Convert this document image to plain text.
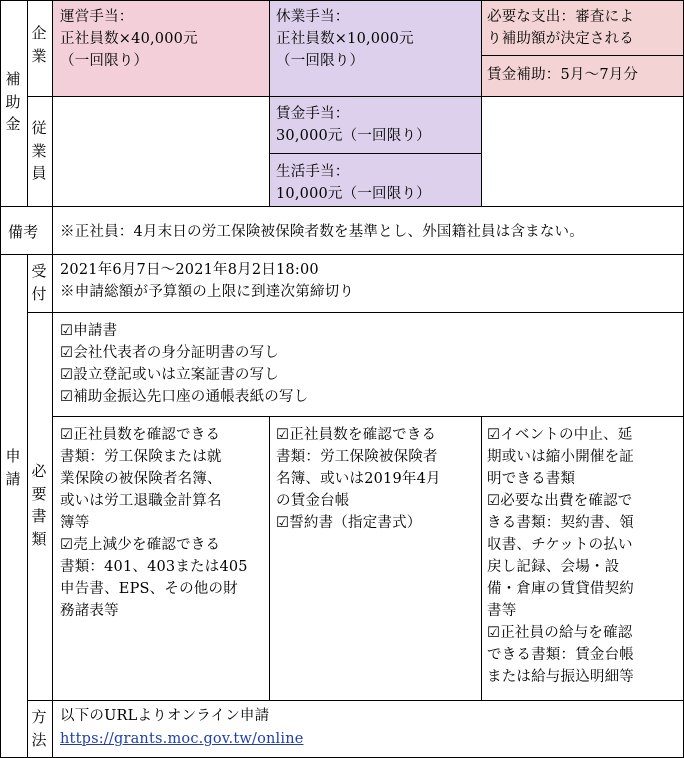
補助金
企業
従業員
備考
申請
受付
必要書類
方法
運営手当：
正社員数×40,000元
（一回限り）
休業手当：
正社員数×10,000元
（一回限り）
必要な支出：審査によ
り補助額が決定される
賃金補助：5月～7月分
賃金手当：
30,000元（一回限り）
生活手当：
10,000元（一回限り）
※正社員：4月末日の労工保険被保険者数を基準とし、外国籍社員は含まない。
2021年6月7日～2021年8月2日18:00
※申請総額が予算額の上限に到達次第締切り
☑申請書
☑会社代表者の身分証明書の写し
☑設立登記或いは立案証書の写し
☑補助金振込先口座の通帳表紙の写し
☑正社員数を確認できる
書類：労工保険または就
業保険の被保険者名簿、
或いは労工退職金計算名
簿等
☑売上減少を確認できる
書類：401、403または405
申告書、EPS、その他の財
務諸表等
☑正社員数を確認できる
書類：労工保険被保険者
名簿、或いは2019年4月
の賃金台帳
☑誓約書（指定書式）
☑イベントの中止、延
期或いは縮小開催を証
明できる書類
☑必要な出費を確認で
きる書類：契約書、領
収書、チケットの払い
戻し記録、会場・設
備・倉庫の賃貸借契約
書等
☑正社員の給与を確認
できる書類：賃金台帳
または給与振込明細等
以下のURLよりオンライン申請
https://grants.moc.gov.tw/online
